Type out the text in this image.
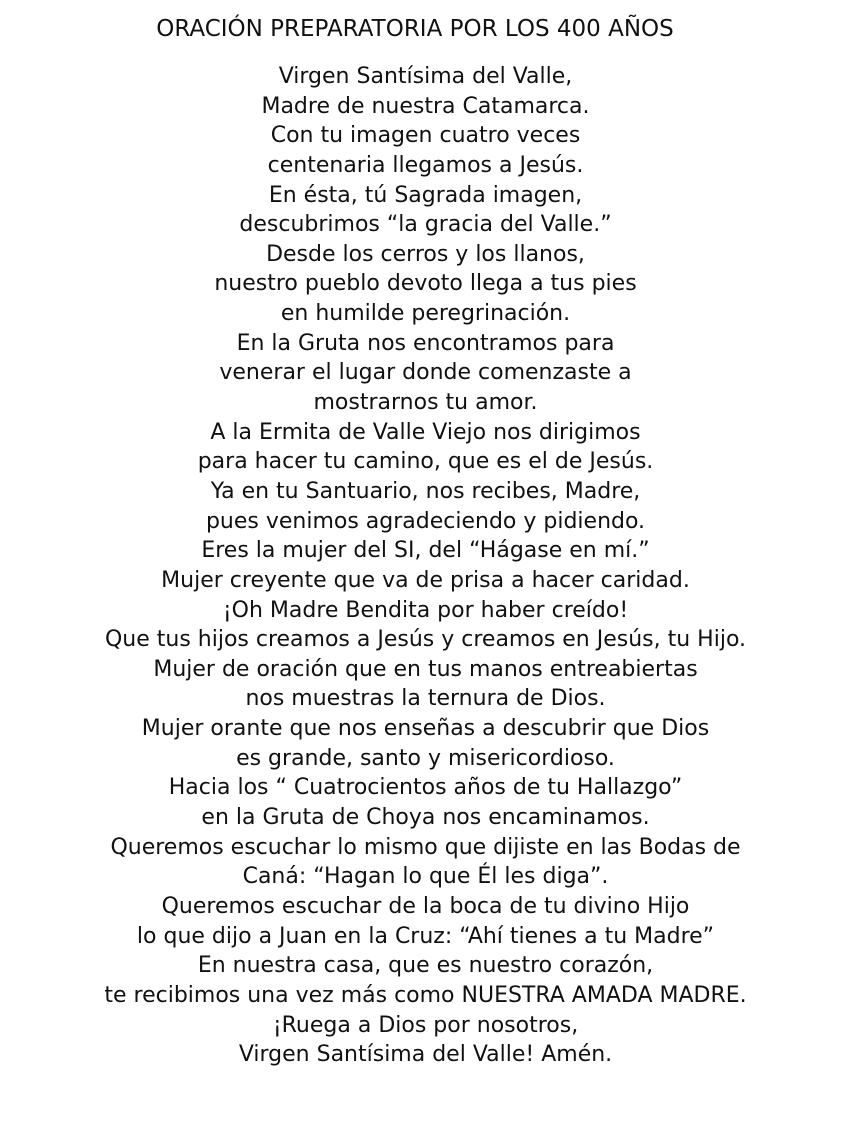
ORACIÓN PREPARATORIA POR LOS 400 AÑOS
Virgen Santísima del Valle,
Madre de nuestra Catamarca.
Con tu imagen cuatro veces
centenaria llegamos a Jesús.
En ésta, tú Sagrada imagen,
descubrimos “la gracia del Valle.”
Desde los cerros y los llanos,
nuestro pueblo devoto llega a tus pies
en humilde peregrinación.
En la Gruta nos encontramos para
venerar el lugar donde comenzaste a
mostrarnos tu amor.
A la Ermita de Valle Viejo nos dirigimos
para hacer tu camino, que es el de Jesús.
Ya en tu Santuario, nos recibes, Madre,
pues venimos agradeciendo y pidiendo.
Eres la mujer del SI, del “Hágase en mí.”
Mujer creyente que va de prisa a hacer caridad.
¡Oh Madre Bendita por haber creído!
Que tus hijos creamos a Jesús y creamos en Jesús, tu Hijo.
Mujer de oración que en tus manos entreabiertas
nos muestras la ternura de Dios.
Mujer orante que nos enseñas a descubrir que Dios
es grande, santo y misericordioso.
Hacia los “ Cuatrocientos años de tu Hallazgo”
en la Gruta de Choya nos encaminamos.
Queremos escuchar lo mismo que dijiste en las Bodas de
Caná: “Hagan lo que Él les diga”.
Queremos escuchar de la boca de tu divino Hijo
lo que dijo a Juan en la Cruz: “Ahí tienes a tu Madre”
En nuestra casa, que es nuestro corazón,
te recibimos una vez más como NUESTRA AMADA MADRE.
¡Ruega a Dios por nosotros,
Virgen Santísima del Valle! Amén.
